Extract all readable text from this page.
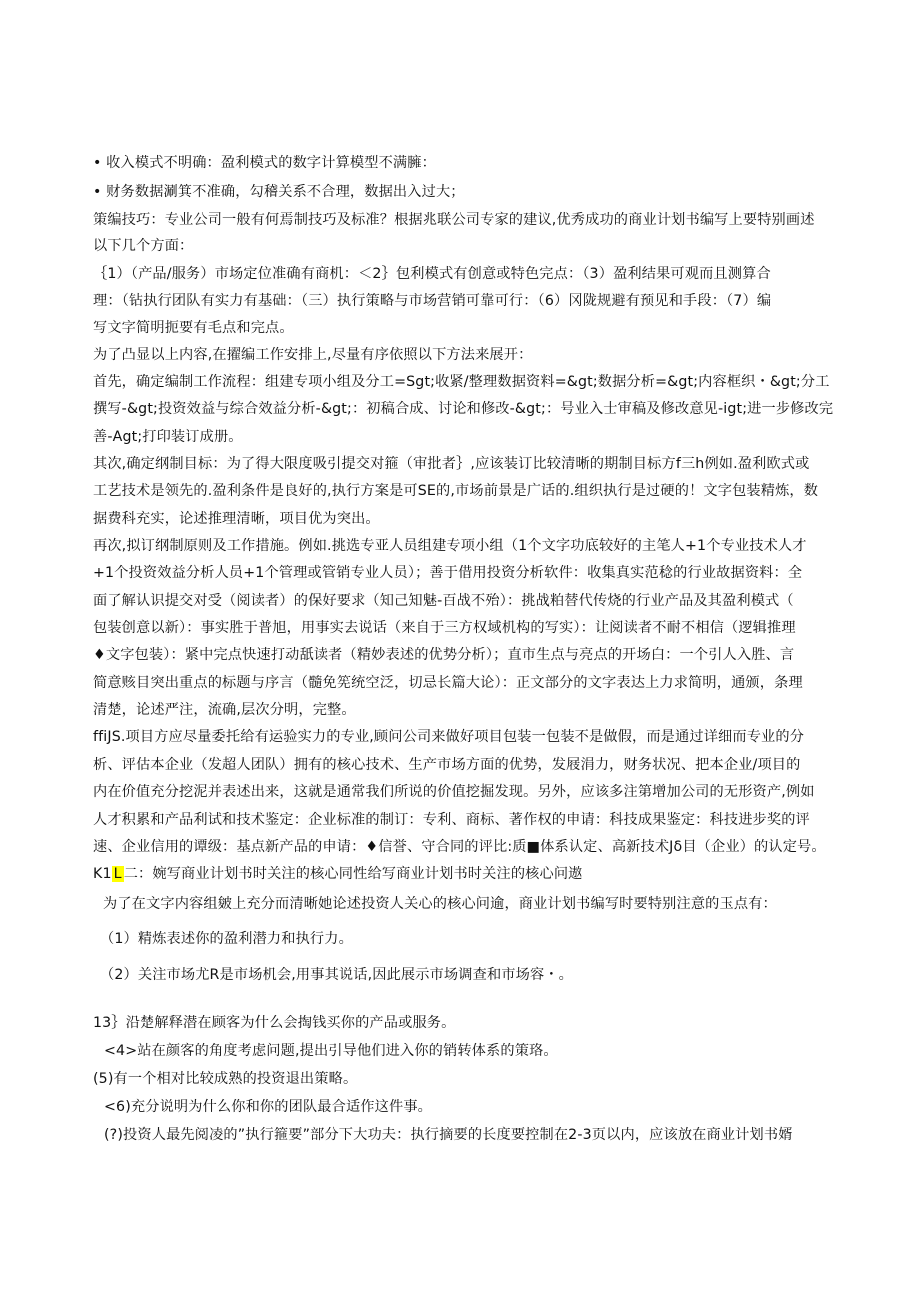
• 收入模式不明确：盈利模式的数字计算模型不满臃：
• 财务数据涮箕不准确，勾稽关系不合理，数据出入过大；
策编技巧：专业公司一般有何焉制技巧及标准？根据兆联公司专家的建议,优秀成功的商业计划书编写上要特别画述
以下几个方面：
｛1）（产品/服务）市场定位准确有商机：＜2｝包利模式有创意或特色完点：（3）盈利结果可观而且测算合
理：（钻执行团队有实力有基础：（三）执行策略与市场营销可靠可行：（6）冈陇规避有预见和手段：（7）编
写文字简明扼要有毛点和完点。
为了凸显以上内容,在擢编工作安排上,尽量有序依照以下方法来展开：
首先，确定编制工作流程：组建专项小组及分工=Sgt;收紧/整理数据资料=&gt;数据分析=&gt;内容框织・&gt;分工
撰写-&gt;投资效益与综合效益分析-&gt;：初稿合成、讨论和修改-&gt;：号业入士审稿及修改意见-igt;进一步修改完
善-Agt;打印装订成册。
其次,确定纲制目标：为了得大限度吸引提交对箍（审批者｝,应该装订比较清晰的期制目标方f三h例如.盈利欧式或
工艺技术是领先的.盈利条件是良好的,执行方案是可SE的,市场前景是广话的.组织执行是过硬的！文字包装精炼，数
据费科充实，论述推理清晰，项目优为突出。
再次,拟订纲制原则及工作措施。例如.挑选专亚人员组建专项小组（1个文字功底较好的主笔人+1个专业技术人才
+1个投资效益分析人员+1个管理或管销专业人员）；善于借用投资分析软件：收集真实范稔的行业故据资料：全
面了解认识提交对受（阅读者）的保好要求（知己知魅-百战不殆）：挑战粕替代传烧的行业产品及其盈利模式（
包装创意以新）：事实胜于普旭，用事实去说话（来自于三方权域机构的写实）：让阅读者不耐不相信（逻辑推理
♦文字包装）：紧中完点快速打动舐读者（精妙表述的优势分析）；直市生点与亮点的开场白：一个引人入胜、言
简意赅目突出重点的标题与序言（髓免筅统空泛，切忌长篇大论）：正文部分的文字表达上力求简明，通颁，条理
清楚，论述严注，流确,层次分明，完整。
ffiJS.项目方应尽量委托给有运验实力的专业,顾问公司来做好项目包装一包装不是做假，而是通过详细而专业的分
析、评估本企业（发超人团队）拥有的核心技术、生产市场方面的优势，发屐涓力，财务状况、把本企业/项目的
内在价值充分挖泥并表述出来，这就是通常我们所说的价值挖掘发现。另外，应该多注第增加公司的无形资产,例如
人才积累和产品利试和技术鉴定：企业标准的制订：专利、商标、著作权的申请：科技成果鉴定：科技进步奖的评
速、企业信用的谭级：基点新产品的申请：♦信誉、守合同的评比:质■体系认定、高新技术Jδ目（企业）的认定号。
K1 L 二：婉写商业计划书时关注的核心同性给写商业计划书时关注的核心问遨
为了在文字内容组皴上充分而清晰她论述投资人关心的核心问逾，商业计划书编写时要特别注意的玉点有：
（1）精炼表述你的盈利潜力和执行力。
（2）关注市场尤R是市场机会,用事其说话,因此展示市场调查和市场容・。
13｝沿楚解释潜在顾客为什么会掏钱买你的产品或服务。
<4>站在颜客的角度考虑问题,提出引导他们进入你的销转体系的策珞。
(5)有一个相对比较成熟的投资退出策略。
<6)充分说明为什么你和你的团队最合适作这件事。
(?)投资人最先阅凌的”执行箍要”部分下大功夫：执行摘要的长度要控制在2-3页以内，应该放在商业计划书婿
